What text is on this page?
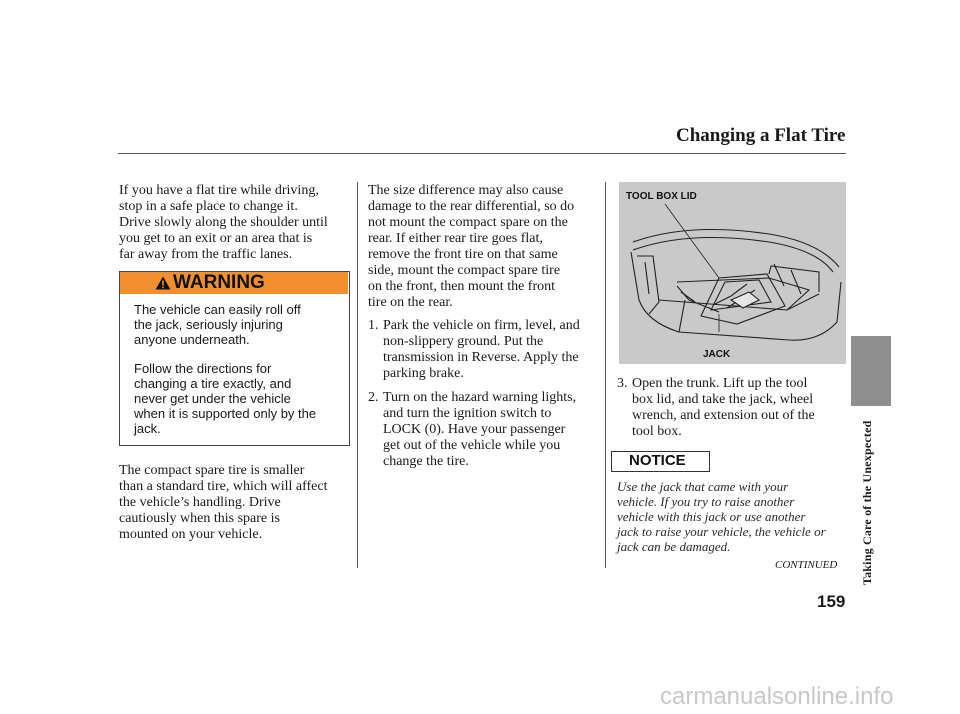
Changing a Flat Tire

If you have a flat tire while driving,

stop in a safe place to change it.

Drive slowly along the shoulder until

you get to an exit or an area that is

far away from the traffic lanes.

WARNING

The vehicle can easily roll off

the jack, seriously injuring

anyone underneath.

Follow the directions for

changing a tire exactly, and

never get under the vehicle

when it is supported only by the

jack.

The compact spare tire is smaller

than a standard tire, which will affect

the vehicle’s handling. Drive

cautiously when this spare is

mounted on your vehicle.

The size difference may also cause

damage to the rear differential, so do

not mount the compact spare on the

rear. If either rear tire goes flat,

remove the front tire on that same

side, mount the compact spare tire

on the front, then mount the front

tire on the rear.

1. Park the vehicle on firm, level, and
non-slippery ground. Put the
transmission in Reverse. Apply the
parking brake.
2. Turn on the hazard warning lights,
and turn the ignition switch to
LOCK (0). Have your passenger
get out of the vehicle while you
change the tire.
TOOL BOX LID
JACK
3. Open the trunk. Lift up the tool
box lid, and take the jack, wheel
wrench, and extension out of the
tool box.
NOTICE

Use the jack that came with your

vehicle. If you try to raise another

vehicle with this jack or use another

jack to raise your vehicle, the vehicle or

jack can be damaged.

CONTINUED Taking Care of the Unexpected
159
carmanualsonline.info
